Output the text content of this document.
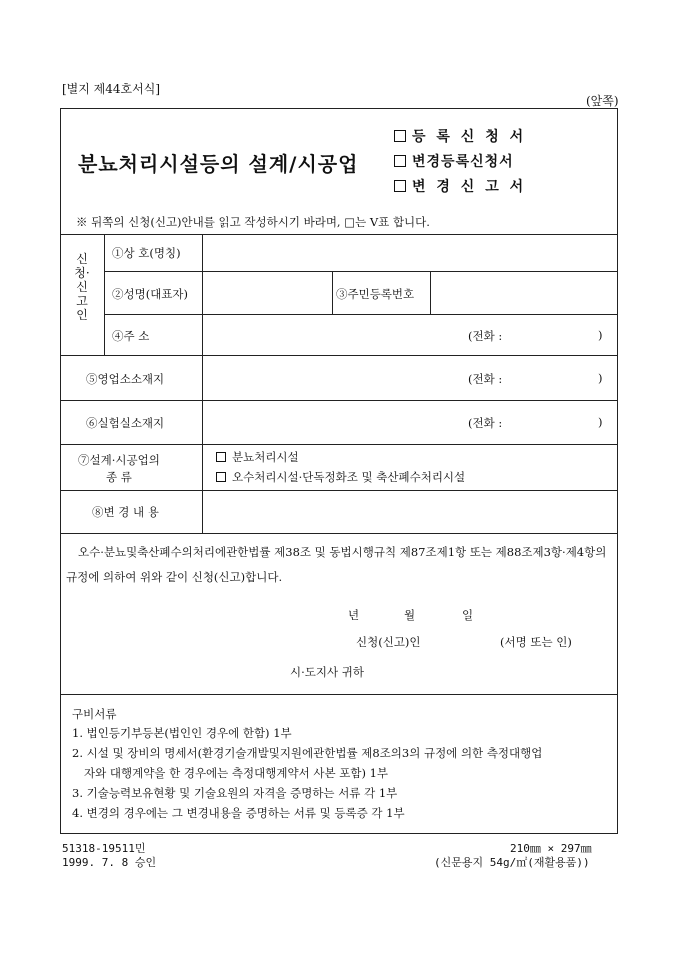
[별지 제44호서식]
(앞쪽)
분뇨처리시설등의 설계/시공업
등 록 신 청 서
변경등록신청서
변 경 신 고 서
※ 뒤쪽의 신청(신고)안내를 읽고 작성하시기 바라며, □는 V표 합니다.
신청·신고인
①상 호(명칭)
②성명(대표자)	③주민등록번호
④주 소	(전화 :	)
⑤영업소소재지	(전화 :	)
⑥실험실소재지	(전화 :	)
⑦설계·시공업의
종 류
분뇨처리시설
오수처리시설·단독정화조 및 축산폐수처리시설
⑧변 경 내 용

오수·분뇨및축산폐수의처리에관한법률 제38조 및 동법시행규칙 제87조제1항 또는 제88조제3항·제4항의 규정에 의하여 위와 같이 신청(신고)합니다.

년	월	일
신청(신고)인	(서명 또는 인)
시·도지사 귀하
구비서류
1. 법인등기부등본(법인인 경우에 한함) 1부
2. 시설 및 장비의 명세서(환경기술개발및지원에관한법률 제8조의3의 규정에 의한 측정대행업
자와 대행계약을 한 경우에는 측정대행계약서 사본 포함) 1부
3. 기술능력보유현황 및 기술요원의 자격을 증명하는 서류 각 1부
4. 변경의 경우에는 그 변경내용을 증명하는 서류 및 등록증 각 1부
51318-19511민
1999. 7. 8 승인
210㎜ × 297㎜
(신문용지 54g/㎡(재활용품))
